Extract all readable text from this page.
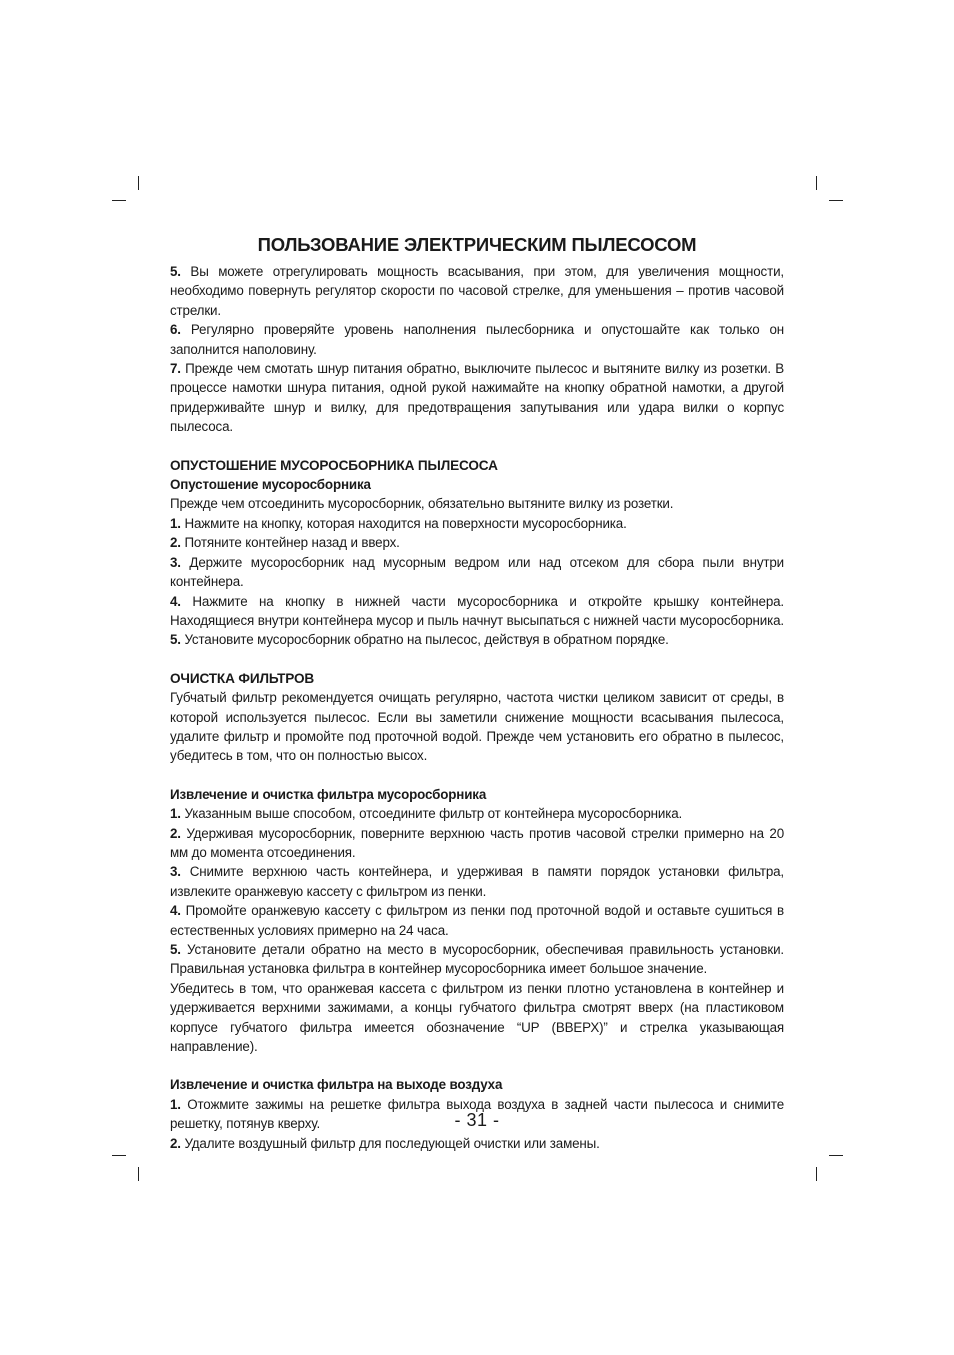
ПОЛЬЗОВАНИЕ ЭЛЕКТРИЧЕСКИМ ПЫЛЕСОСОМ

5. Вы можете отрегулировать мощность всасывания, при этом, для увеличения мощности, необходимо повернуть регулятор скорости по часовой стрелке, для уменьшения – против часовой стрелки.

6. Регулярно проверяйте уровень наполнения пылесборника и опустошайте как только он заполнится наполовину.

7. Прежде чем смотать шнур питания обратно, выключите пылесос и вытяните вилку из розетки. В процессе намотки шнура питания, одной рукой нажимайте на кнопку обратной намотки, а другой придерживайте шнур и вилку, для предотвращения запутывания или удара вилки о корпус пылесоса.

ОПУСТОШЕНИЕ МУСОРОСБОРНИКА ПЫЛЕСОСА

Опустошение мусоросборника

Прежде чем отсоединить мусоросборник, обязательно вытяните вилку из розетки.

1. Нажмите на кнопку, которая находится на поверхности мусоросборника.

2. Потяните контейнер назад и вверх.

3. Держите мусоросборник над мусорным ведром или над отсеком для сбора пыли внутри контейнера.

4. Нажмите на кнопку в нижней части мусоросборника и откройте крышку контейнера. Находящиеся внутри контейнера мусор и пыль начнут высыпаться с нижней части мусоросборника.

5. Установите мусоросборник обратно на пылесос, действуя в обратном порядке.

ОЧИСТКА ФИЛЬТРОВ

Губчатый фильтр рекомендуется очищать регулярно, частота чистки целиком зависит от среды, в которой используется пылесос. Если вы заметили снижение мощности всасывания пылесоса, удалите фильтр и промойте под проточной водой. Прежде чем установить его обратно в пылесос, убедитесь в том, что он полностью высох.

Извлечение и очистка фильтра мусоросборника

1. Указанным выше способом, отсоедините фильтр от контейнера мусоросборника.

2. Удерживая мусоросборник, поверните верхнюю часть против часовой стрелки примерно на 20 мм до момента отсоединения.

3. Снимите верхнюю часть контейнера, и удерживая в памяти порядок установки фильтра, извлеките оранжевую кассету с фильтром из пенки.

4. Промойте оранжевую кассету с фильтром из пенки под проточной водой и оставьте сушиться в естественных условиях примерно на 24 часа.

5. Установите детали обратно на место в мусоросборник, обеспечивая правильность установки. Правильная установка фильтра в контейнер мусоросборника имеет большое значение.

Убедитесь в том, что оранжевая кассета с фильтром из пенки плотно установлена в контейнер и удерживается верхними зажимами, а концы губчатого фильтра смотрят вверх (на пластиковом корпусе губчатого фильтра имеется обозначение “UP (ВВЕРХ)” и стрелка указывающая направление).

Извлечение и очистка фильтра на выходе воздуха

1. Отожмите зажимы на решетке фильтра выхода воздуха в задней части пылесоса и снимите решетку, потянув кверху.

2. Удалите воздушный фильтр для последующей очистки или замены.

- 31 -
